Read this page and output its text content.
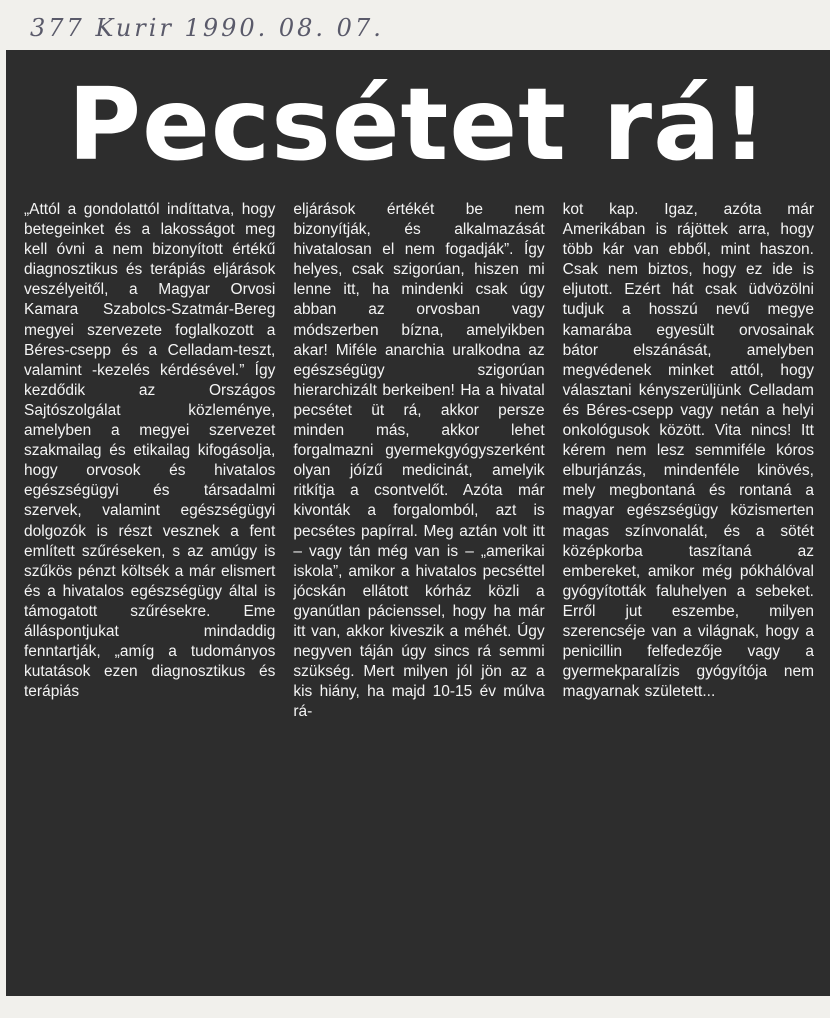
377 Kurir 1990. 08. 07.
Pecsétet rá!

„Attól a gondolattól indíttatva, hogy betegeinket és a lakosságot meg kell óvni a nem bizonyított értékű diagnosztikus és terápiás eljárások veszélyeitől, a Magyar Orvosi Kamara Szabolcs-Szatmár-Bereg megyei szervezete foglalkozott a Béres-csepp és a Celladam-teszt, valamint -kezelés kérdésével.” Így kezdődik az Országos Sajtószolgálat közleménye, amelyben a megyei szervezet szakmailag és etikailag kifogásolja, hogy orvosok és hivatalos egészségügyi és társadalmi szervek, valamint egészségügyi dolgozók is részt vesznek a fent említett szűréseken, s az amúgy is szűkös pénzt költsék a már elismert és a hivatalos egészségügy által is támogatott szűrésekre. Eme álláspontjukat mindaddig fenntartják, „amíg a tudományos kutatások ezen diagnosztikus és terápiás

eljárások értékét be nem bizonyítják, és alkalmazását hivatalosan el nem fogadják”. Így helyes, csak szigorúan, hiszen mi lenne itt, ha mindenki csak úgy abban az orvosban vagy módszerben bízna, amelyikben akar! Miféle anarchia uralkodna az egészségügy szigorúan hierarchizált berkeiben! Ha a hivatal pecsétet üt rá, akkor persze minden más, akkor lehet forgalmazni gyermekgyógyszerként olyan jóízű medicinát, amelyik ritkítja a csontvelőt. Azóta már kivonták a forgalomból, azt is pecsétes papírral. Meg aztán volt itt – vagy tán még van is – „amerikai iskola”, amikor a hivatalos pecséttel jócskán ellátott kórház közli a gyanútlan pácienssel, hogy ha már itt van, akkor kiveszik a méhét. Úgy negyven táján úgy sincs rá semmi szükség. Mert milyen jól jön az a kis hiány, ha majd 10-15 év múlva rá-

kot kap. Igaz, azóta már Amerikában is rájöttek arra, hogy több kár van ebből, mint haszon. Csak nem biztos, hogy ez ide is eljutott. Ezért hát csak üdvözölni tudjuk a hosszú nevű megye kamarába egyesült orvosainak bátor elszánását, amelyben megvédenek minket attól, hogy választani kényszerüljünk Celladam és Béres-csepp vagy netán a helyi onkológusok között. Vita nincs! Itt kérem nem lesz semmiféle kóros elburjánzás, mindenféle kinövés, mely megbontaná és rontaná a magyar egészségügy közismerten magas színvonalát, és a sötét középkorba taszítaná az embereket, amikor még pókhálóval gyógyították faluhelyen a sebeket. Erről jut eszembe, milyen szerencséje van a világnak, hogy a penicillin felfedezője vagy a gyermekparalízis gyógyítója nem magyarnak született...
